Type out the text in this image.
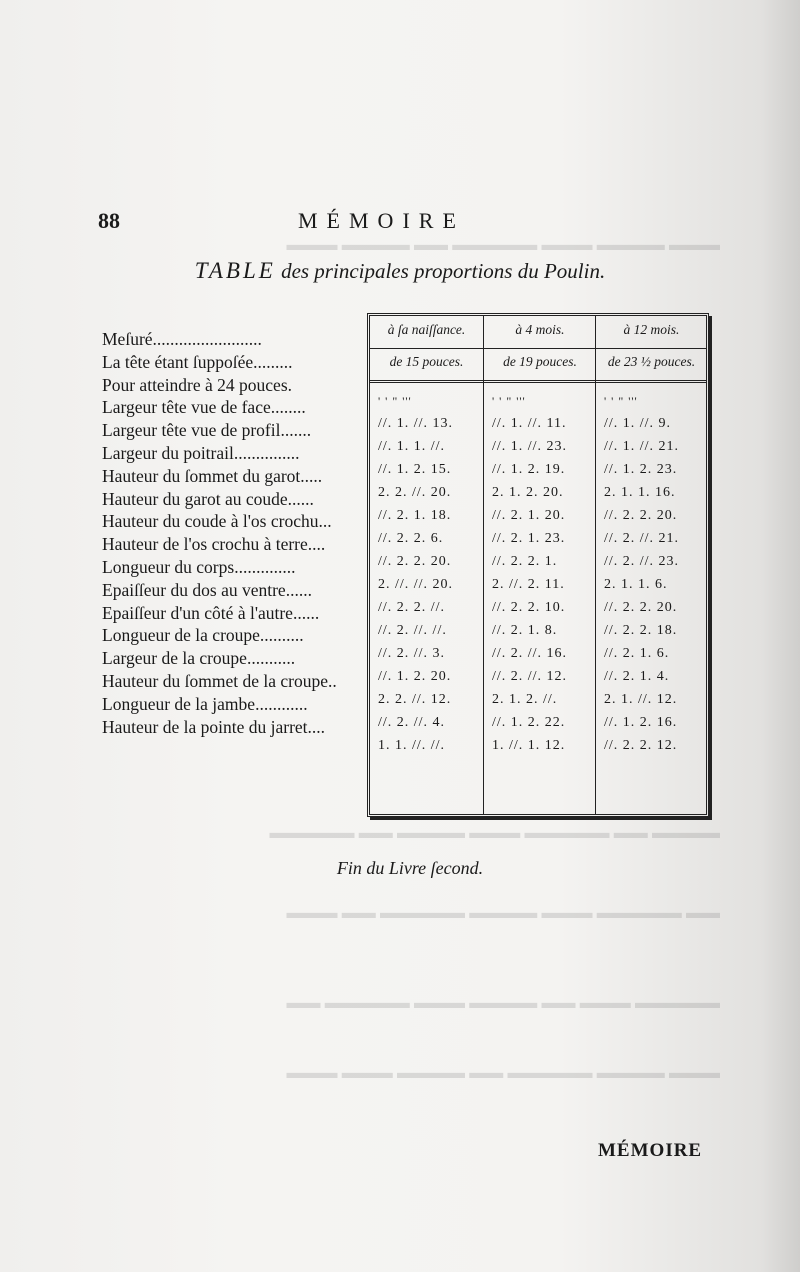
▬▬▬ ▬▬▬▬ ▬▬▬ ▬▬▬▬▬ ▬▬ ▬▬▬▬ ▬▬▬
▬▬▬▬ ▬▬ ▬▬▬▬▬ ▬▬▬ ▬▬▬▬ ▬▬ ▬▬▬▬▬
▬▬ ▬▬▬▬▬ ▬▬▬ ▬▬▬▬ ▬▬▬▬▬ ▬▬ ▬▬▬
▬▬▬▬▬ ▬▬▬ ▬▬ ▬▬▬▬ ▬▬▬ ▬▬▬▬▬ ▬▬
▬▬▬ ▬▬▬▬ ▬▬▬▬▬ ▬▬ ▬▬▬▬ ▬▬▬ ▬▬▬
88	MÉMOIRE
TABLE des principales proportions du Poulin.
Meſuré.........................
La tête étant ſuppoſée.........
Pour atteindre à 24 pouces.
Largeur tête vue de face........
Largeur tête vue de profil.......
Largeur du poitrail...............
Hauteur du ſommet du garot.....
Hauteur du garot au coude......
Hauteur du coude à l'os crochu...
Hauteur de l'os crochu à terre....
Longueur du corps..............
Epaiſſeur du dos au ventre......
Epaiſſeur d'un côté à l'autre......
Longueur de la croupe..........
Largeur de la croupe...........
Hauteur du ſommet de la croupe..
Longueur de la jambe............
Hauteur de la pointe du jarret....
à ſa naiſſance.
de 15 pouces.
' ' " '''
//. 1. //. 13.
//. 1. 1. //.
//. 1. 2. 15.
2. 2. //. 20.
//. 2. 1. 18.
//. 2. 2. 6.
//. 2. 2. 20.
2. //. //. 20.
//. 2. 2. //.
//. 2. //. //.
//. 2. //. 3.
//. 1. 2. 20.
2. 2. //. 12.
//. 2. //. 4.
1. 1. //. //.
à 4 mois.
de 19 pouces.
' ' " '''
//. 1. //. 11.
//. 1. //. 23.
//. 1. 2. 19.
2. 1. 2. 20.
//. 2. 1. 20.
//. 2. 1. 23.
//. 2. 2. 1.
2. //. 2. 11.
//. 2. 2. 10.
//. 2. 1. 8.
//. 2. //. 16.
//. 2. //. 12.
2. 1. 2. //.
//. 1. 2. 22.
1. //. 1. 12.
à 12 mois.
de 23 ½ pouces.
' ' " '''
//. 1. //. 9.
//. 1. //. 21.
//. 1. 2. 23.
2. 1. 1. 16.
//. 2. 2. 20.
//. 2. //. 21.
//. 2. //. 23.
2. 1. 1. 6.
//. 2. 2. 20.
//. 2. 2. 18.
//. 2. 1. 6.
//. 2. 1. 4.
2. 1. //. 12.
//. 1. 2. 16.
//. 2. 2. 12.
Fin du Livre ſecond.
MÉMOIRE
